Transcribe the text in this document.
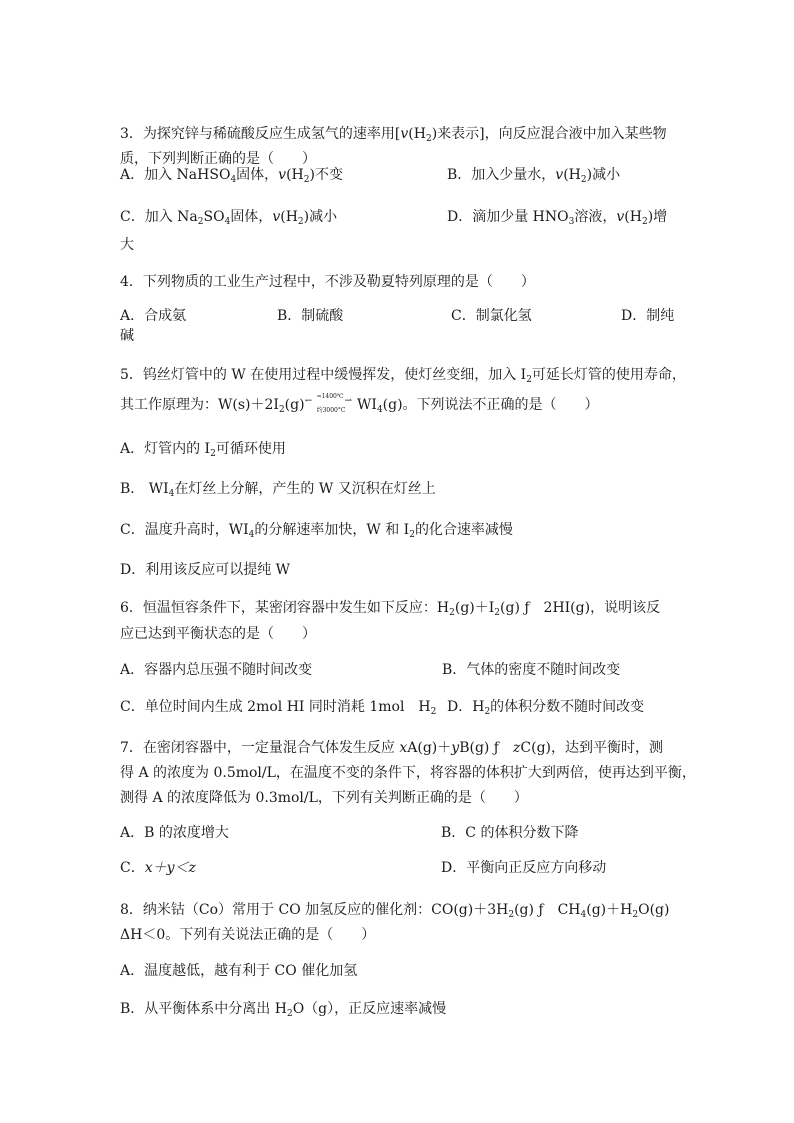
3．为探究锌与稀硫酸反应生成氢气的速率用[$v(H_2)$来表示]，向反应混合液中加入某些物
质，下列判断正确的是（　　）
A．加入 NaHSO$_4$固体，$v(H_2)$不变	B．加入少量水，$v(H_2)$减小
C．加入 $Na_2SO_4$固体，$v(H_2)$减小	D．滴加少量 $HNO_3$溶液，$v(H_2)$增
大
4．下列物质的工业生产过程中，不涉及勒夏特列原理的是（　　）
A．合成氨	B．制硫酸	C．制氯化氢	D．制纯
碱
5．钨丝灯管中的 W 在使用过程中缓慢挥发，使灯丝变细，加入 $I_2$可延长灯管的使用寿命，
其工作原理为：$W(s)+2I_2(g)$ ↽ ≈1400℃
约3000°C
⇀ $WI_4(g)$。下列说法不正确的是（　　）
A．灯管内的 $I_2$可循环使用
B． $WI_4$在灯丝上分解，产生的 W 又沉积在灯丝上
C．温度升高时，$WI_4$的分解速率加快，W 和 $I_2$的化合速率减慢
D．利用该反应可以提纯 W
6．恒温恒容条件下，某密闭容器中发生如下反应：$H_2(g)+I_2(g)$ ƒ　2HI(g)，说明该反
应已达到平衡状态的是（　　）
A．容器内总压强不随时间改变	B．气体的密度不随时间改变
C．单位时间内生成 2mol HI 同时消耗 1mol　$H_2$ D．$H_2$的体积分数不随时间改变
7．在密闭容器中，一定量混合气体发生反应 xA(g)＋yB(g) ƒ　zC(g)，达到平衡时，测
得 A 的浓度为 0.5mol/L，在温度不变的条件下，将容器的体积扩大到两倍，使再达到平衡，
测得 A 的浓度降低为 0.3mol/L，下列有关判断正确的是（　　）
A．B 的浓度增大	B．C 的体积分数下降
C．x＋y＜z	D．平衡向正反应方向移动
8．纳米钴（Co）常用于 CO 加氢反应的催化剂：$CO(g)+3H_2(g)$ ƒ　$CH_4(g)+H_2O(g)$
ΔH＜0。下列有关说法正确的是（　　）
A．温度越低，越有利于 CO 催化加氢
B．从平衡体系中分离出 $H_2O(g)$，正反应速率减慢
